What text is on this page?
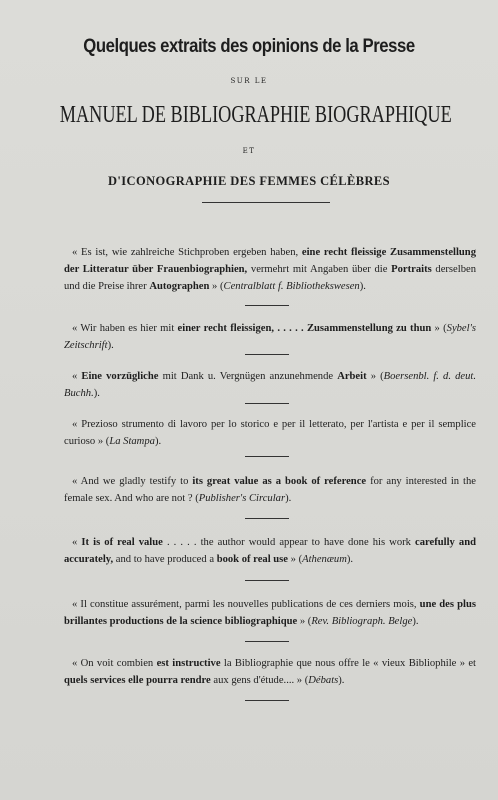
Quelques extraits des opinions de la Presse
SUR LE
MANUEL DE BIBLIOGRAPHIE BIOGRAPHIQUE
ET
D'ICONOGRAPHIE DES FEMMES CÉLÈBRES

« Es ist, wie zahlreiche Stichproben ergeben haben, eine recht fleissige Zusammenstellung der Litteratur über Frauenbiographien, vermehrt mit Angaben über die Portraits derselben und die Preise ihrer Autographen » (Centralblatt f. Bibliothekswesen).

« Wir haben es hier mit einer recht fleissigen, . . . . . Zusammenstellung zu thun » (Sybel's Zeitschrift).

« Eine vorzügliche mit Dank u. Vergnügen anzunehmende Arbeit » (Boersenbl. f. d. deut. Buchh.).

« Prezioso strumento di lavoro per lo storico e per il letterato, per l'artista e per il semplice curioso » (La Stampa).

« And we gladly testify to its great value as a book of reference for any interested in the female sex. And who are not ? (Publisher's Circular).

« It is of real value . . . . . the author would appear to have done his work carefully and accurately, and to have produced a book of real use » (Athenæum).

« Il constitue assurément, parmi les nouvelles publications de ces derniers mois, une des plus brillantes productions de la science bibliographique » (Rev. Bibliograph. Belge).

« On voit combien est instructive la Bibliographie que nous offre le « vieux Bibliophile » et quels services elle pourra rendre aux gens d'étude.... » (Débats).
